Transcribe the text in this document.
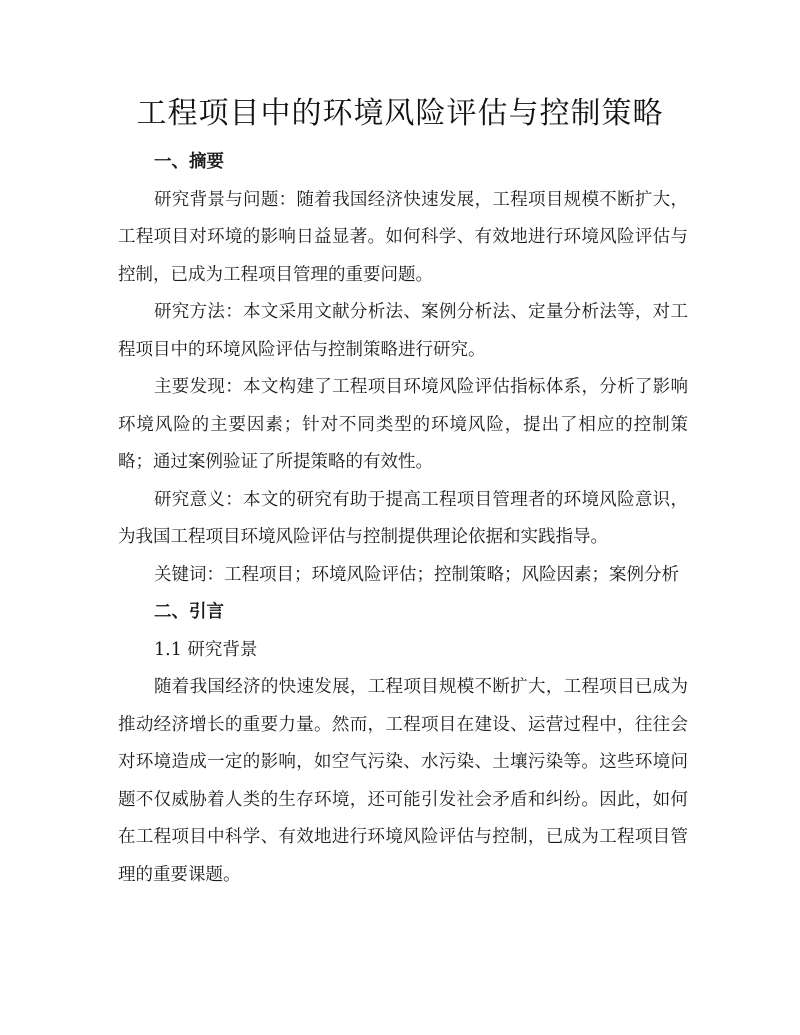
工程项目中的环境风险评估与控制策略
一、摘要

研究背景与问题：随着我国经济快速发展，工程项目规模不断扩大，工程项目对环境的影响日益显著。如何科学、有效地进行环境风险评估与控制，已成为工程项目管理的重要问题。

研究方法：本文采用文献分析法、案例分析法、定量分析法等，对工程项目中的环境风险评估与控制策略进行研究。

主要发现：本文构建了工程项目环境风险评估指标体系，分析了影响环境风险的主要因素；针对不同类型的环境风险，提出了相应的控制策略；通过案例验证了所提策略的有效性。

研究意义：本文的研究有助于提高工程项目管理者的环境风险意识，为我国工程项目环境风险评估与控制提供理论依据和实践指导。

关键词：工程项目；环境风险评估；控制策略；风险因素；案例分析

二、引言

1.1 研究背景

随着我国经济的快速发展，工程项目规模不断扩大，工程项目已成为推动经济增长的重要力量。然而，工程项目在建设、运营过程中，往往会对环境造成一定的影响，如空气污染、水污染、土壤污染等。这些环境问题不仅威胁着人类的生存环境，还可能引发社会矛盾和纠纷。因此，如何在工程项目中科学、有效地进行环境风险评估与控制，已成为工程项目管理的重要课题。
